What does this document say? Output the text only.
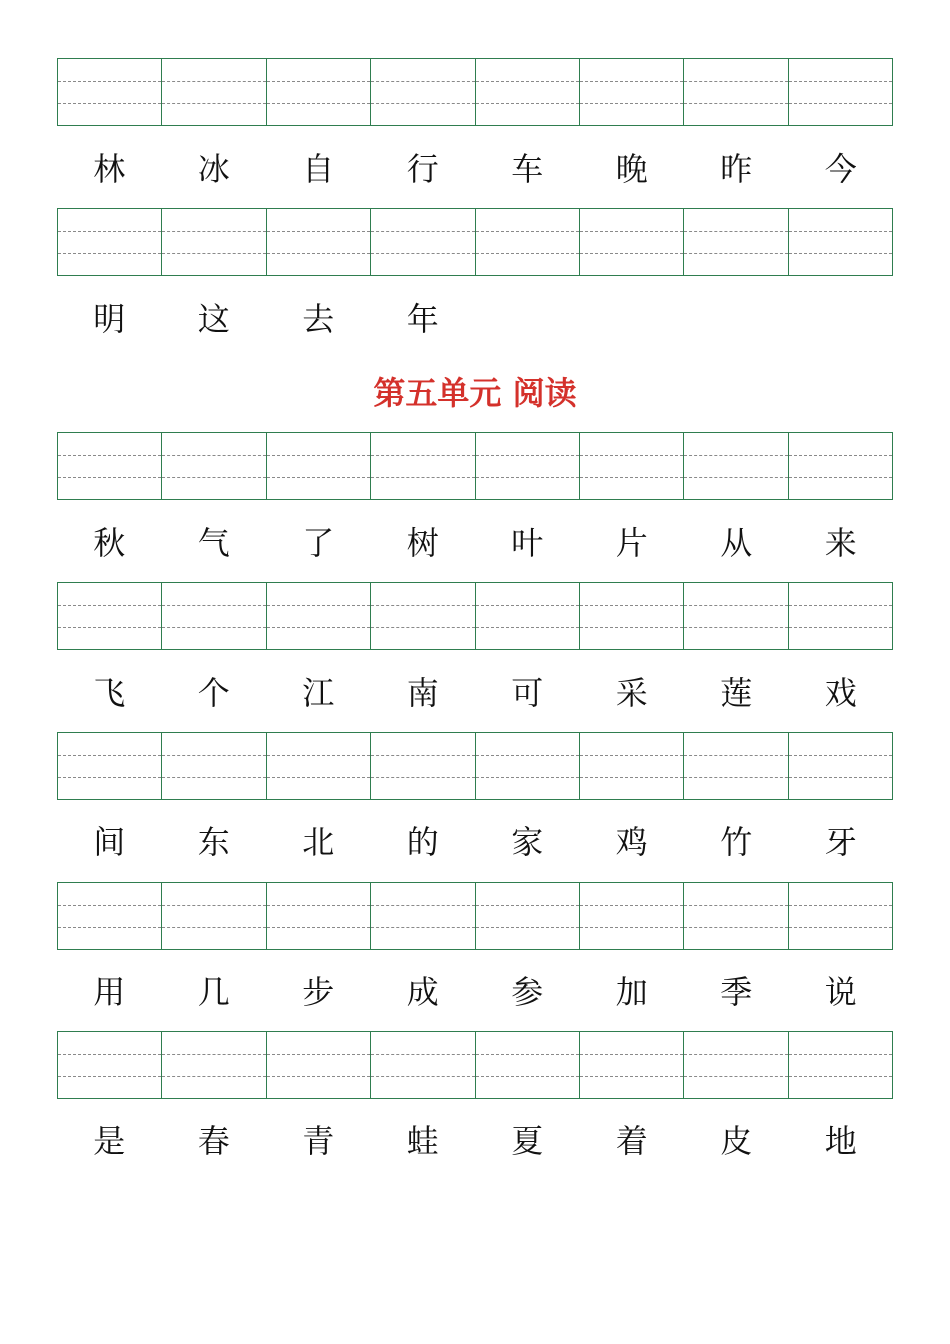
林	冰	自	行	车	晚	昨	今
明	这	去	年
第五单元 阅读
秋	气	了	树	叶	片	从	来
飞	个	江	南	可	采	莲	戏
间	东	北	的	家	鸡	竹	牙
用	几	步	成	参	加	季	说
是	春	青	蛙	夏	着	皮	地
